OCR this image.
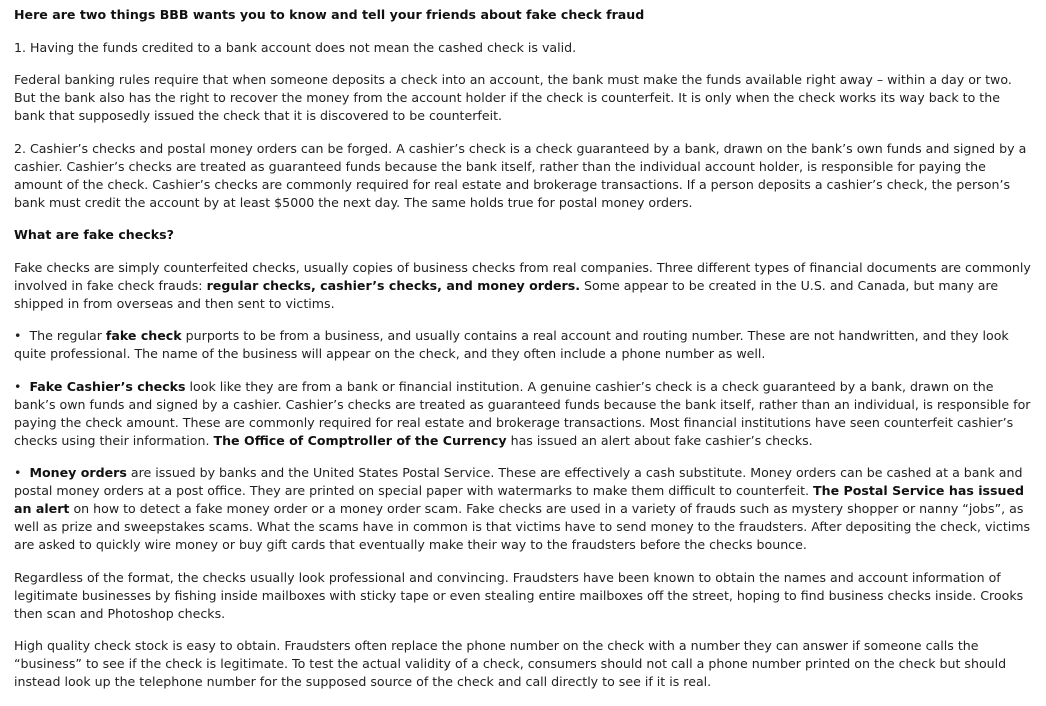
Here are two things BBB wants you to know and tell your friends about fake check fraud

1. Having the funds credited to a bank account does not mean the cashed check is valid.

Federal banking rules require that when someone deposits a check into an account, the bank must make the funds available right away – within a day or two. But the bank also has the right to recover the money from the account holder if the check is counterfeit. It is only when the check works its way back to the bank that supposedly issued the check that it is discovered to be counterfeit.

2. Cashier’s checks and postal money orders can be forged. A cashier’s check is a check guaranteed by a bank, drawn on the bank’s own funds and signed by a cashier. Cashier’s checks are treated as guaranteed funds because the bank itself, rather than the individual account holder, is responsible for paying the amount of the check. Cashier’s checks are commonly required for real estate and brokerage transactions. If a person deposits a cashier’s check, the person’s bank must credit the account by at least $5000 the next day. The same holds true for postal money orders.

What are fake checks?

Fake checks are simply counterfeited checks, usually copies of business checks from real companies. Three different types of financial documents are commonly involved in fake check frauds: regular checks, cashier’s checks, and money orders. Some appear to be created in the U.S. and Canada, but many are shipped in from overseas and then sent to victims.

•  The regular fake check purports to be from a business, and usually contains a real account and routing number. These are not handwritten, and they look quite professional. The name of the business will appear on the check, and they often include a phone number as well.

•  Fake Cashier’s checks look like they are from a bank or financial institution. A genuine cashier’s check is a check guaranteed by a bank, drawn on the bank’s own funds and signed by a cashier. Cashier’s checks are treated as guaranteed funds because the bank itself, rather than an individual, is responsible for paying the check amount. These are commonly required for real estate and brokerage transactions. Most financial institutions have seen counterfeit cashier’s checks using their information. The Office of Comptroller of the Currency has issued an alert about fake cashier’s checks.

•  Money orders are issued by banks and the United States Postal Service. These are effectively a cash substitute. Money orders can be cashed at a bank and postal money orders at a post office. They are printed on special paper with watermarks to make them difficult to counterfeit. The Postal Service has issued an alert on how to detect a fake money order or a money order scam. Fake checks are used in a variety of frauds such as mystery shopper or nanny “jobs”, as well as prize and sweepstakes scams. What the scams have in common is that victims have to send money to the fraudsters. After depositing the check, victims are asked to quickly wire money or buy gift cards that eventually make their way to the fraudsters before the checks bounce.

Regardless of the format, the checks usually look professional and convincing. Fraudsters have been known to obtain the names and account information of legitimate businesses by fishing inside mailboxes with sticky tape or even stealing entire mailboxes off the street, hoping to find business checks inside. Crooks then scan and Photoshop checks.

High quality check stock is easy to obtain. Fraudsters often replace the phone number on the check with a number they can answer if someone calls the “business” to see if the check is legitimate. To test the actual validity of a check, consumers should not call a phone number printed on the check but should instead look up the telephone number for the supposed source of the check and call directly to see if it is real.
